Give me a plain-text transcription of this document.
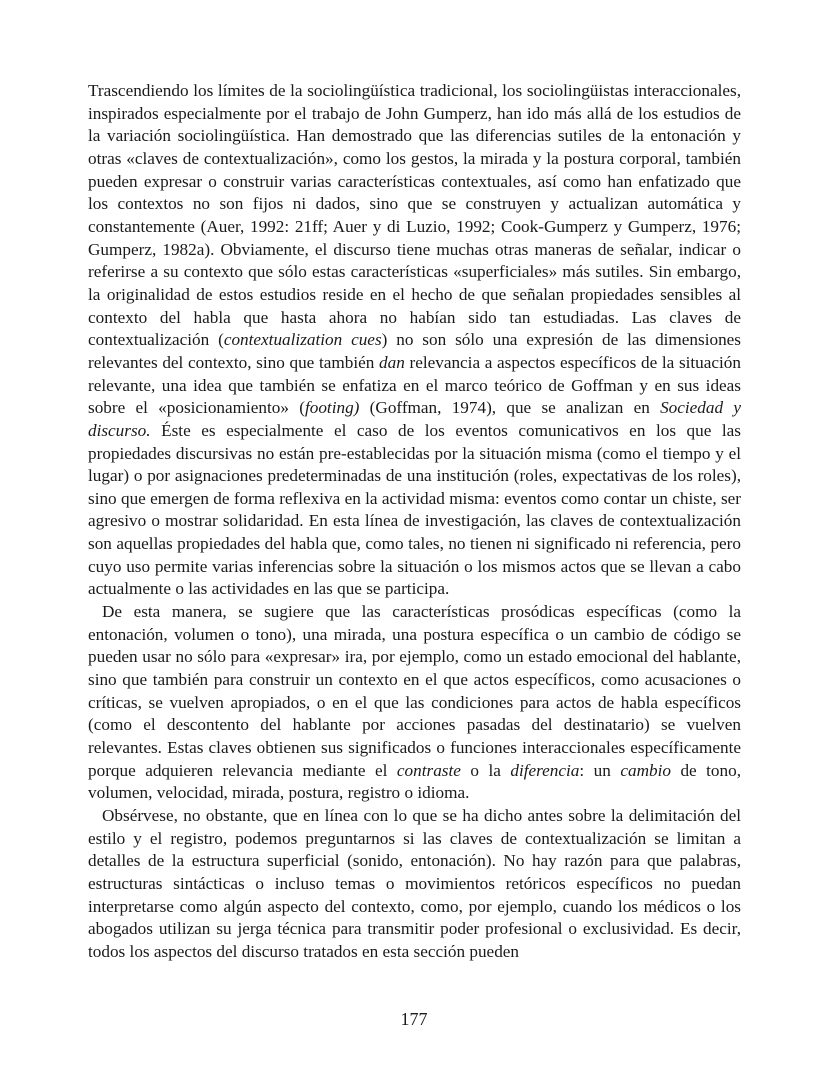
Trascendiendo los límites de la sociolingüística tradicional, los sociolingüistas interaccionales, inspirados especialmente por el trabajo de John Gumperz, han ido más allá de los estudios de la variación sociolingüística. Han demostrado que las diferencias sutiles de la entonación y otras «claves de contextualización», como los gestos, la mirada y la postura corporal, también pueden expresar o construir varias características contextuales, así como han enfatizado que los contextos no son fijos ni dados, sino que se construyen y actualizan automática y constantemente (Auer, 1992: 21ff; Auer y di Luzio, 1992; Cook-Gumperz y Gumperz, 1976; Gumperz, 1982a). Obviamente, el discurso tiene muchas otras maneras de señalar, indicar o referirse a su contexto que sólo estas características «superficiales» más sutiles. Sin embargo, la originalidad de estos estudios reside en el hecho de que señalan propiedades sensibles al contexto del habla que hasta ahora no habían sido tan estudiadas. Las claves de contextualización (contextualization cues) no son sólo una expresión de las dimensiones relevantes del contexto, sino que también dan relevancia a aspectos específicos de la situación relevante, una idea que también se enfatiza en el marco teórico de Goffman y en sus ideas sobre el «posicionamiento» (footing) (Goffman, 1974), que se analizan en Sociedad y discurso. Éste es especialmente el caso de los eventos comunicativos en los que las propiedades discursivas no están pre-establecidas por la situación misma (como el tiempo y el lugar) o por asignaciones predeterminadas de una institución (roles, expectativas de los roles), sino que emergen de forma reflexiva en la actividad misma: eventos como contar un chiste, ser agresivo o mostrar solidaridad. En esta línea de investigación, las claves de contextualización son aquellas propiedades del habla que, como tales, no tienen ni significado ni referencia, pero cuyo uso permite varias inferencias sobre la situación o los mismos actos que se llevan a cabo actualmente o las actividades en las que se participa.

De esta manera, se sugiere que las características prosódicas específicas (como la entonación, volumen o tono), una mirada, una postura específica o un cambio de código se pueden usar no sólo para «expresar» ira, por ejemplo, como un estado emocional del hablante, sino que también para construir un contexto en el que actos específicos, como acusaciones o críticas, se vuelven apropiados, o en el que las condiciones para actos de habla específicos (como el descontento del hablante por acciones pasadas del destinatario) se vuelven relevantes. Estas claves obtienen sus significados o funciones interaccionales específicamente porque adquieren relevancia mediante el contraste o la diferencia: un cambio de tono, volumen, velocidad, mirada, postura, registro o idioma.

Obsérvese, no obstante, que en línea con lo que se ha dicho antes sobre la delimitación del estilo y el registro, podemos preguntarnos si las claves de contextualización se limitan a detalles de la estructura superficial (sonido, entonación). No hay razón para que palabras, estructuras sintácticas o incluso temas o movimientos retóricos específicos no puedan interpretarse como algún aspecto del contexto, como, por ejemplo, cuando los médicos o los abogados utilizan su jerga técnica para transmitir poder profesional o exclusividad. Es decir, todos los aspectos del discurso tratados en esta sección pueden

177
